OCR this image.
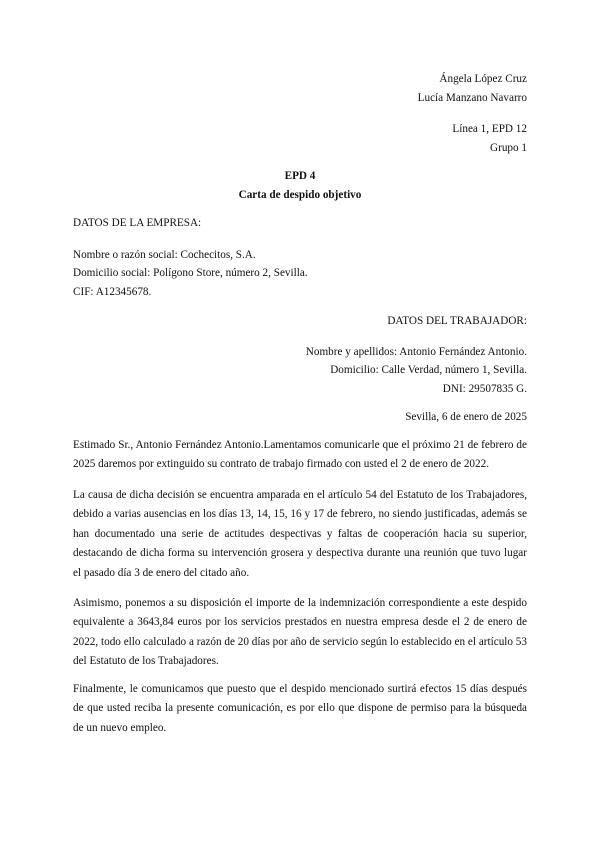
Ángela López Cruz
Lucía Manzano Navarro
Línea 1, EPD 12
Grupo 1
EPD 4
Carta de despido objetivo
DATOS DE LA EMPRESA:
Nombre o razón social: Cochecitos, S.A.
Domicilio social: Polígono Store, número 2, Sevilla.
CIF: A12345678.
DATOS DEL TRABAJADOR:
Nombre y apellidos: Antonio Fernández Antonio.
Domicilio: Calle Verdad, número 1, Sevilla.
DNI: 29507835 G.
Sevilla, 6 de enero de 2025
Estimado Sr., Antonio Fernández Antonio.Lamentamos comunicarle que el próximo 21 de febrero de 2025 daremos por extinguido su contrato de trabajo firmado con usted el 2 de enero de 2022.
La causa de dicha decisión se encuentra amparada en el artículo 54 del Estatuto de los Trabajadores, debido a varias ausencias en los días 13, 14, 15, 16 y 17 de febrero, no siendo justificadas, además se han documentado una serie de actitudes despectivas y faltas de cooperación hacia su superior, destacando de dicha forma su intervención grosera y despectiva durante una reunión que tuvo lugar el pasado día 3 de enero del citado año.
Asimismo, ponemos a su disposición el importe de la indemnización correspondiente a este despido equivalente a 3643,84 euros por los servicios prestados en nuestra empresa desde el 2 de enero de 2022, todo ello calculado a razón de 20 días por año de servicio según lo establecido en el artículo 53 del Estatuto de los Trabajadores.
Finalmente, le comunicamos que puesto que el despido mencionado surtirá efectos 15 días después de que usted reciba la presente comunicación, es por ello que dispone de permiso para la búsqueda de un nuevo empleo.
